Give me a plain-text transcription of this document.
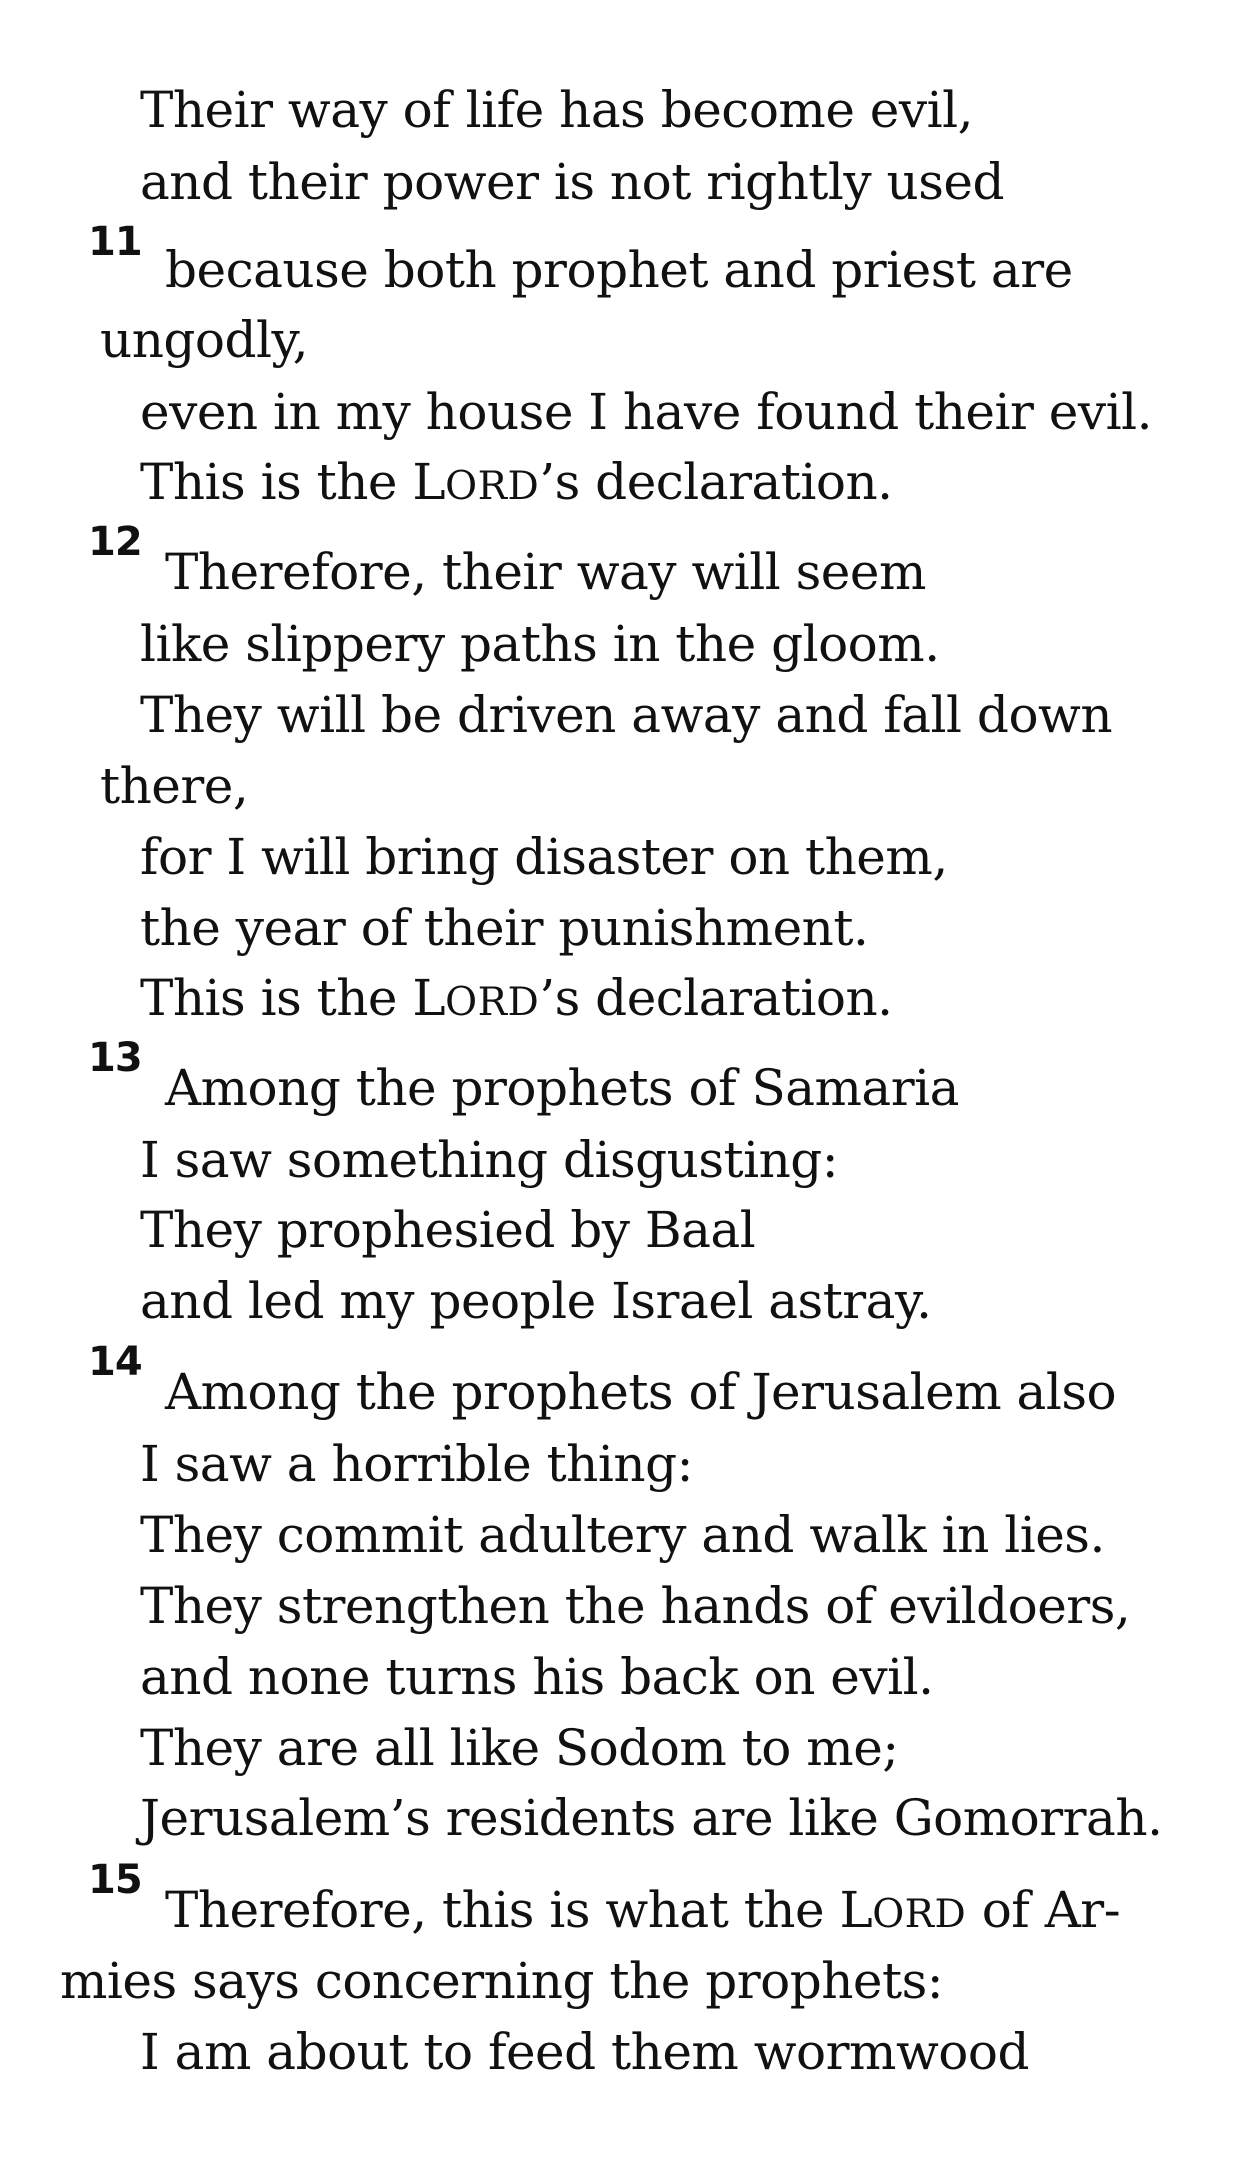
Their way of life has become evil,
and their power is not rightly used
11 because both prophet and priest are
ungodly,
even in my house I have found their evil.
This is the LORD’s declaration.
12
Therefore, their way will seem
like slippery paths in the gloom.
They will be driven away and fall down
there,
for I will bring disaster on them,
the year of their punishment.
This is the LORD’s declaration.
13
Among the prophets of Samaria
I saw something disgusting:
They prophesied by Baal
and led my people Israel astray.
14
Among the prophets of Jerusalem also
I saw a horrible thing:
They commit adultery and walk in lies.
They strengthen the hands of evildoers,
and none turns his back on evil.
They are all like Sodom to me;
Jerusalem’s residents are like Gomorrah.
15
Therefore, this is what the LORD of Ar-
mies says concerning the prophets:
I am about to feed them wormwood
